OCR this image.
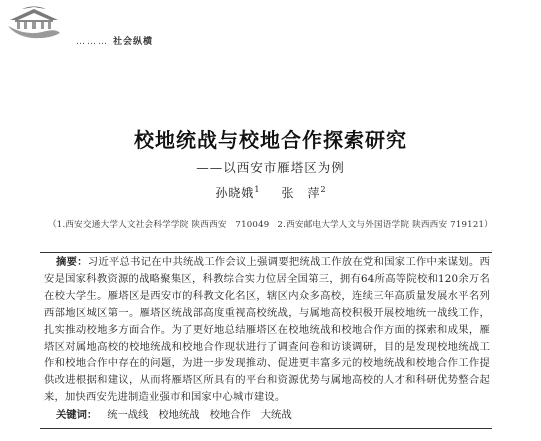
……… 社会纵横
校地统战与校地合作探索研究
——以西安市雁塔区为例
孙晓娥$^1$ 张　萍$^2$
（1.西安交通大学人文社会科学学院 陕西西安　710049 2.西安邮电大学人文与外国语学院 陕西西安 719121）
摘要：习近平总书记在中共统战工作会议上强调要把统战工作放在党和国家工作中来谋划。西安是国家科教资源的战略聚集区，科教综合实力位居全国第三，拥有64所高等院校和120余万名在校大学生。雁塔区是西安市的科教文化名区，辖区内众多高校，连续三年高质量发展水平名列西部地区城区第一。雁塔区统战部高度重视高校统战，与属地高校积极开展校地统一战线工作，扎实推动校地多方面合作。为了更好地总结雁塔区在校地统战和校地合作方面的探索和成果，雁塔区对属地高校的校地统战和校地合作现状进行了调查问卷和访谈调研，目的是发现校地统战工作和校地合作中存在的问题，为进一步发现推动、促进更丰富多元的校地统战和校地合作工作提供改进根据和建议，从而将雁塔区所具有的平台和资源优势与属地高校的人才和科研优势整合起来，加快西安先进制造业强市和国家中心城市建设。
关键词： 统一战线 校地统战 校地合作 大统战
